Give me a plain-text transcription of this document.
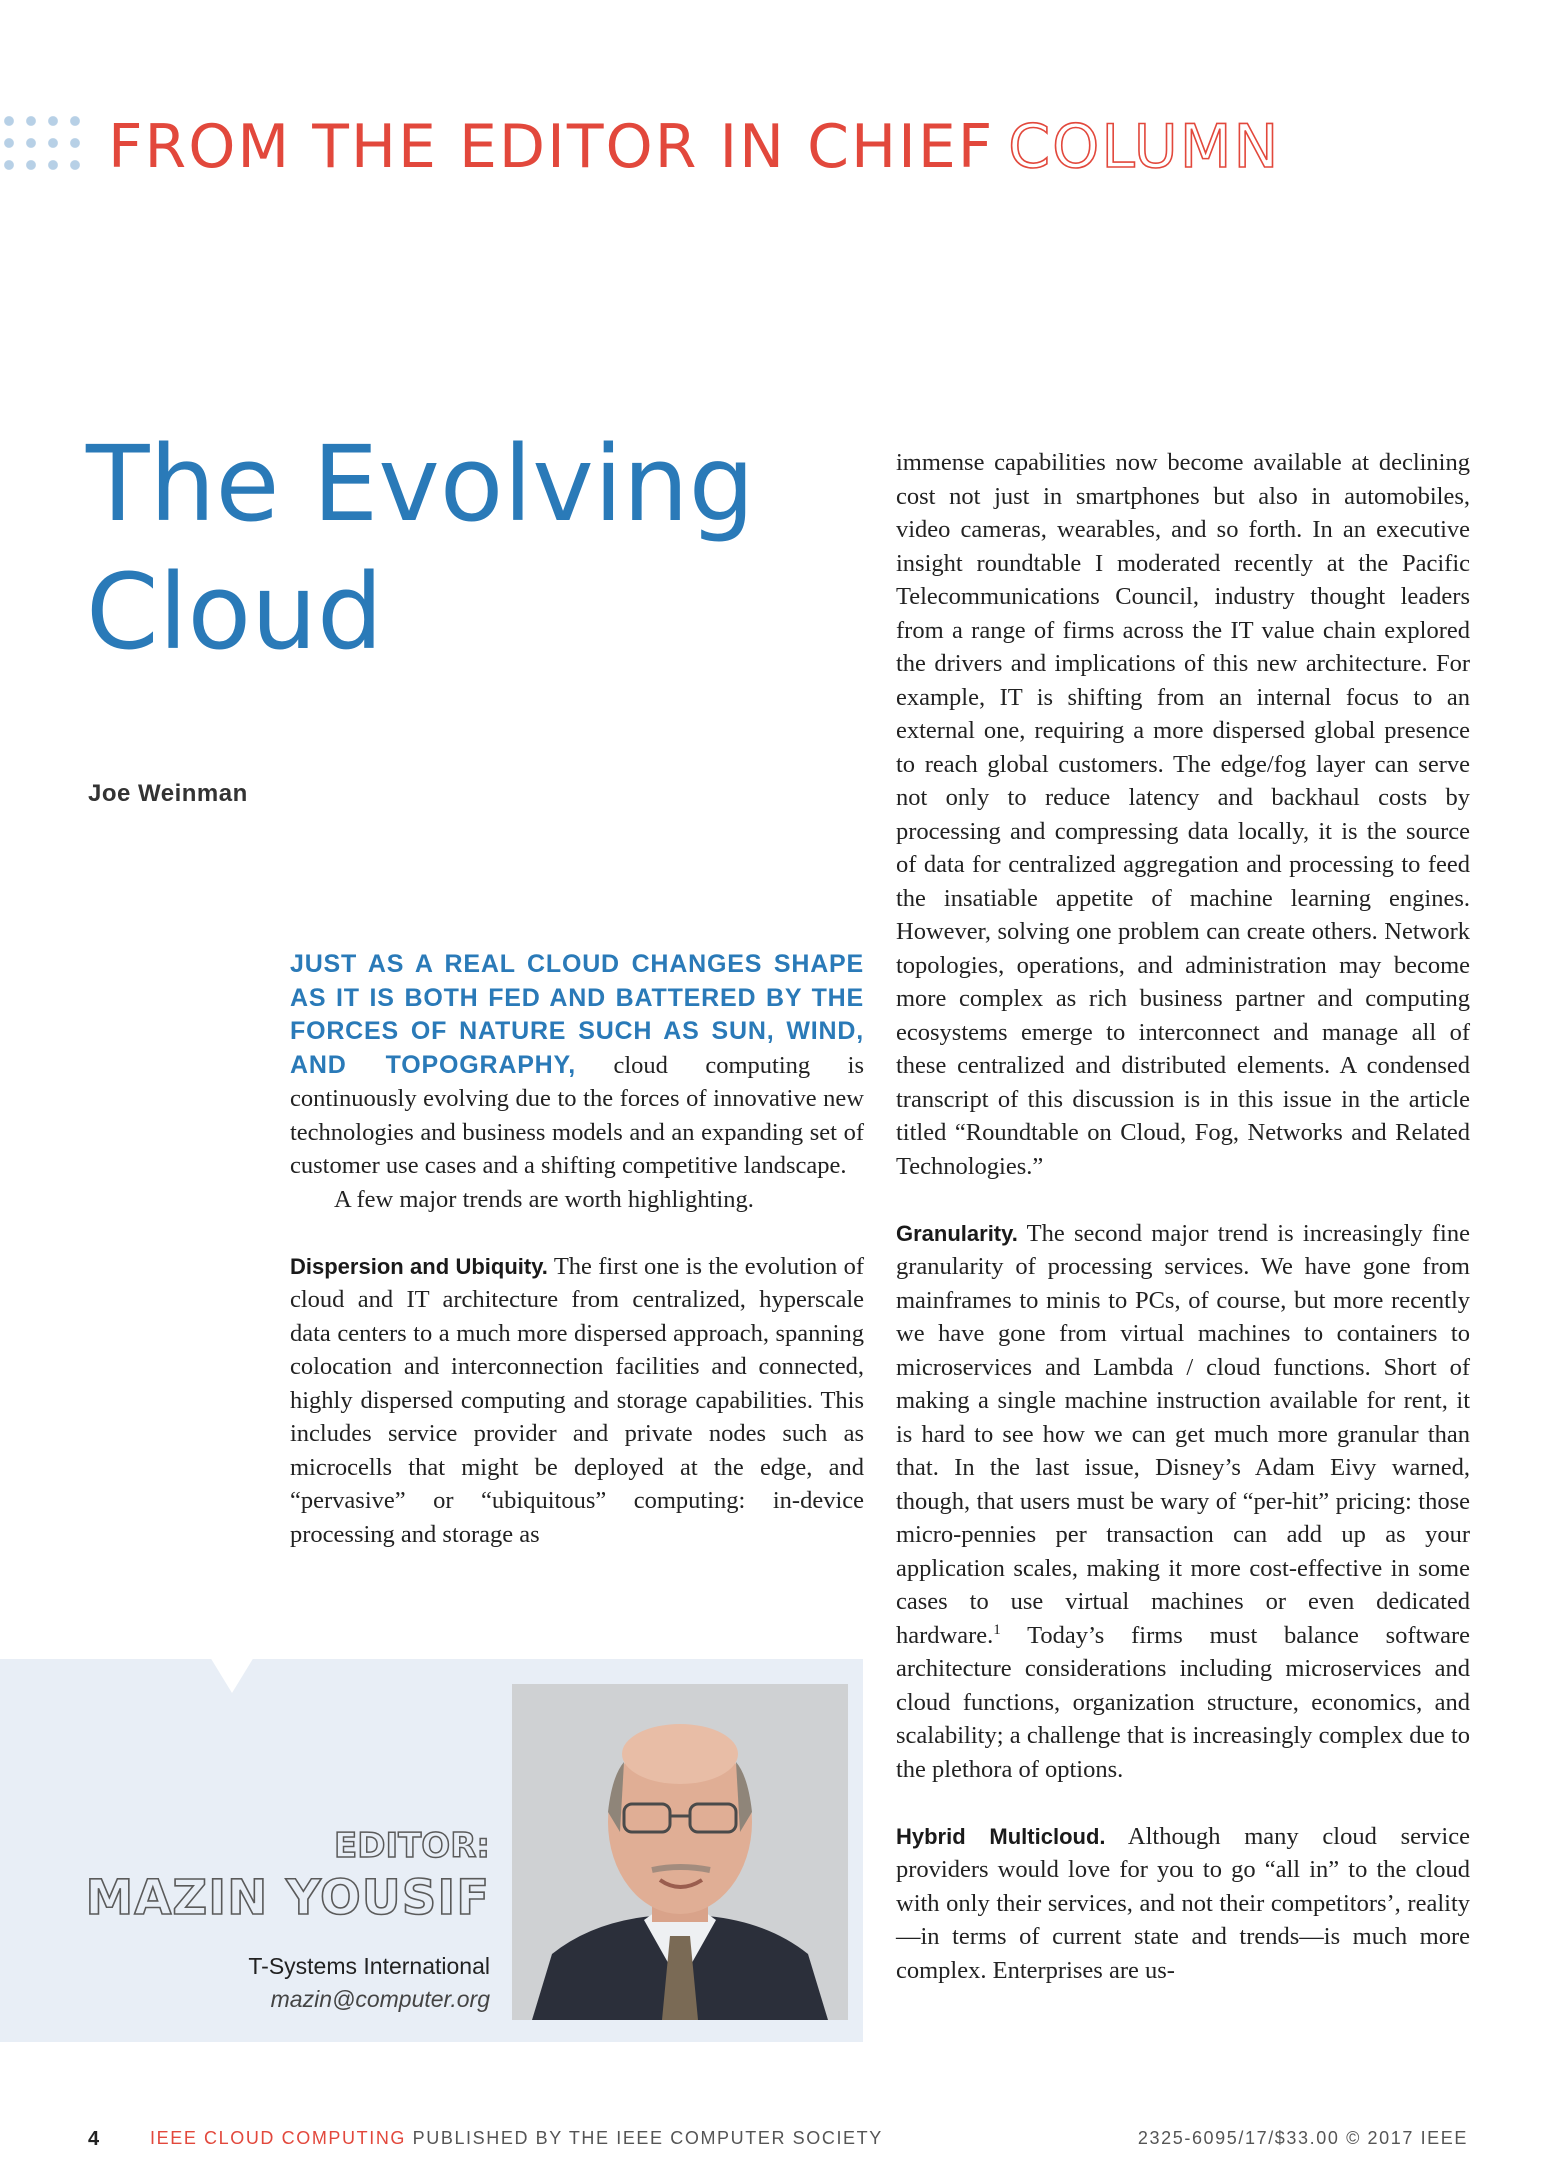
FROM THE EDITOR IN CHIEF COLUMN
The Evolving
Cloud
Joe Weinman

JUST AS A REAL CLOUD CHANGES SHAPE AS IT IS BOTH FED AND BATTERED BY THE FORCES OF NATURE SUCH AS SUN, WIND, AND TOPOGRAPHY, cloud computing is continuously evolving due to the forces of innovative new technologies and business models and an expanding set of customer use cases and a shifting competitive landscape.

A few major trends are worth highlighting.

Dispersion and Ubiquity. The first one is the evolution of cloud and IT architecture from centralized, hyperscale data centers to a much more dispersed approach, spanning colocation and interconnection facilities and connected, highly dispersed computing and storage capabilities. This includes service provider and private nodes such as microcells that might be deployed at the edge, and “pervasive” or “ubiquitous” computing: in-device processing and storage as

immense capabilities now become available at declining cost not just in smartphones but also in automobiles, video cameras, wearables, and so forth. In an executive insight roundtable I moderated recently at the Pacific Telecommunications Council, industry thought leaders from a range of firms across the IT value chain explored the drivers and implications of this new architecture. For example, IT is shifting from an internal focus to an external one, requiring a more dispersed global presence to reach global customers. The edge/fog layer can serve not only to reduce latency and backhaul costs by processing and compressing data locally, it is the source of data for centralized aggregation and processing to feed the insatiable appetite of machine learning engines. However, solving one problem can create others. Network topologies, operations, and administration may become more complex as rich business partner and computing ecosystems emerge to interconnect and manage all of these centralized and distributed elements. A condensed transcript of this discussion is in this issue in the article titled “Roundtable on Cloud, Fog, Networks and Related Technologies.”

Granularity. The second major trend is increasingly fine granularity of processing services. We have gone from mainframes to minis to PCs, of course, but more recently we have gone from virtual machines to containers to microservices and Lambda / cloud functions. Short of making a single machine instruction available for rent, it is hard to see how we can get much more granular than that. In the last issue, Disney’s Adam Eivy warned, though, that users must be wary of “per-hit” pricing: those micro-pennies per transaction can add up as your application scales, making it more cost-effective in some cases to use virtual machines or even dedicated hardware.$^1$ Today’s firms must balance software architecture considerations including microservices and cloud functions, organization structure, economics, and scalability; a challenge that is increasingly complex due to the plethora of options.

Hybrid Multicloud. Although many cloud service providers would love for you to go “all in” to the cloud with only their services, and not their competitors’, reality—in terms of current state and trends—is much more complex. Enterprises are us-

EDITOR:
MAZIN YOUSIF
T-Systems International
mazin@computer.org
4	IEEE CLOUD COMPUTING PUBLISHED BY THE IEEE COMPUTER SOCIETY	2325-6095/17/$33.00 © 2017 IEEE
